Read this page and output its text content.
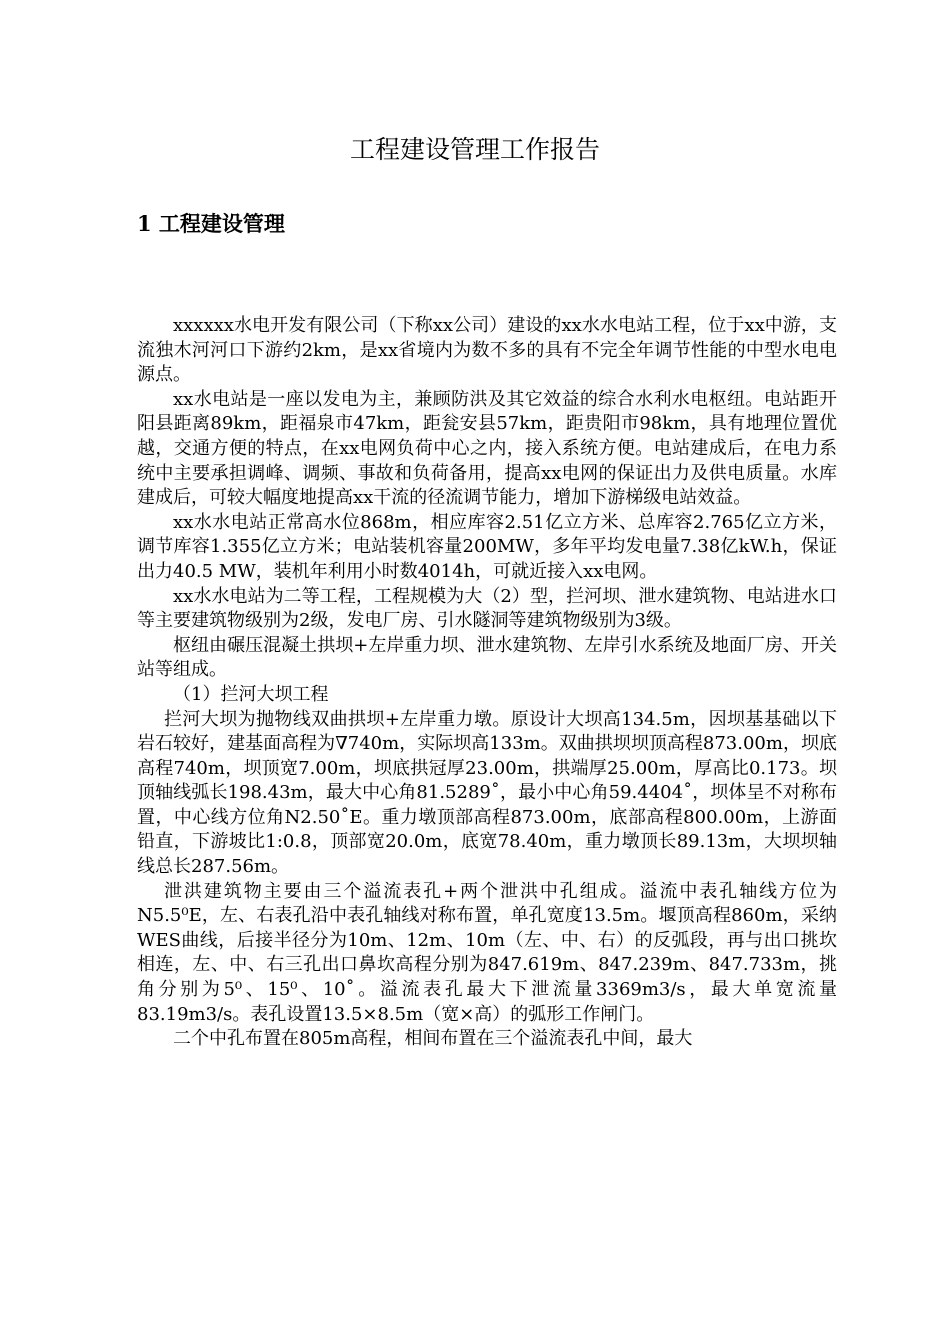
工程建设管理工作报告
1 工程建设管理

xxxxxx水电开发有限公司（下称xx公司）建设的xx水水电站工程，位于xx中游，支流独木河河口下游约2km，是xx省境内为数不多的具有不完全年调节性能的中型水电电源点。

xx水电站是一座以发电为主，兼顾防洪及其它效益的综合水利水电枢纽。电站距开阳县距离89km，距福泉市47km，距瓮安县57km，距贵阳市98km，具有地理位置优越，交通方便的特点，在xx电网负荷中心之内，接入系统方便。电站建成后，在电力系统中主要承担调峰、调频、事故和负荷备用，提高xx电网的保证出力及供电质量。水库建成后，可较大幅度地提高xx干流的径流调节能力，增加下游梯级电站效益。

xx水水电站正常高水位868m，相应库容2.51亿立方米、总库容2.765亿立方米，调节库容1.355亿立方米；电站装机容量200MW，多年平均发电量7.38亿kW.h，保证出力40.5 MW，装机年利用小时数4014h，可就近接入xx电网。

xx水水电站为二等工程，工程规模为大（2）型，拦河坝、泄水建筑物、电站进水口等主要建筑物级别为2级，发电厂房、引水隧洞等建筑物级别为3级。

枢纽由碾压混凝土拱坝+左岸重力坝、泄水建筑物、左岸引水系统及地面厂房、开关站等组成。

（1）拦河大坝工程

拦河大坝为抛物线双曲拱坝+左岸重力墩。原设计大坝高134.5m，因坝基基础以下岩石较好，建基面高程为∇740m，实际坝高133m。双曲拱坝坝顶高程873.00m，坝底高程740m，坝顶宽7.00m，坝底拱冠厚23.00m，拱端厚25.00m，厚高比0.173。坝顶轴线弧长198.43m，最大中心角81.5289˚，最小中心角59.4404˚，坝体呈不对称布置，中心线方位角N2.50˚E。重力墩顶部高程873.00m，底部高程800.00m，上游面铅直，下游坡比1:0.8，顶部宽20.0m，底宽78.40m，重力墩顶长89.13m，大坝坝轴线总长287.56m。

泄洪建筑物主要由三个溢流表孔+两个泄洪中孔组成。溢流中表孔轴线方位为N5.5⁰E，左、右表孔沿中表孔轴线对称布置，单孔宽度13.5m。堰顶高程860m，采纳WES曲线，后接半径分为10m、12m、10m（左、中、右）的反弧段，再与出口挑坎相连，左、中、右三孔出口鼻坎高程分别为847.619m、847.239m、847.733m，挑角分别为5⁰、15⁰、10˚。溢流表孔最大下泄流量3369m3/s，最大单宽流量83.19m3/s。表孔设置13.5×8.5m（宽×高）的弧形工作闸门。

二个中孔布置在805m高程，相间布置在三个溢流表孔中间，最大
